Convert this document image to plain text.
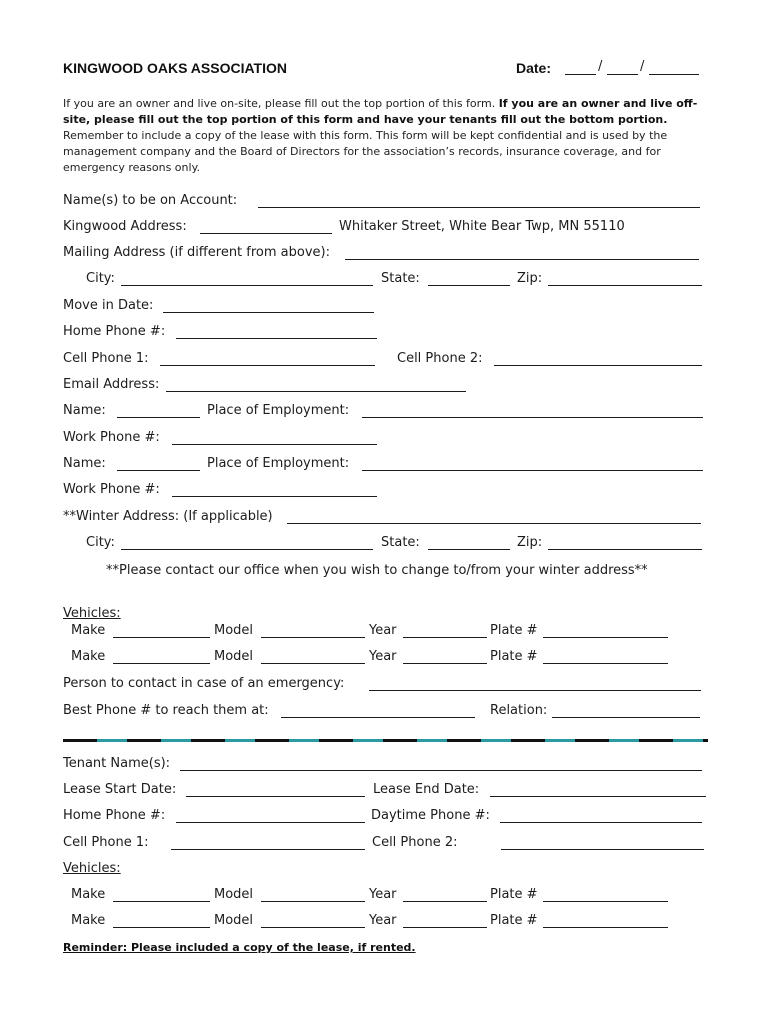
KINGWOOD OAKS ASSOCIATION	Date:	/	/
If you are an owner and live on-site, please fill out the top portion of this form. If you are an owner and live off-site, please fill out the top portion of this form and have your tenants fill out the bottom portion. Remember to include a copy of the lease with this form. This form will be kept confidential and is used by the management company and the Board of Directors for the association’s records, insurance coverage, and for emergency reasons only.
Name(s) to be on Account:
Kingwood Address:	Whitaker Street, White Bear Twp, MN 55110
Mailing Address (if different from above):
City:	State:	Zip:
Move in Date:
Home Phone #:
Cell Phone 1:	Cell Phone 2:
Email Address:
Name:	Place of Employment:
Work Phone #:
Name:	Place of Employment:
Work Phone #:
**Winter Address: (If applicable)
City:	State:	Zip:
**Please contact our office when you wish to change to/from your winter address**
Vehicles:
Make	Model	Year	Plate #
Make	Model	Year	Plate #
Person to contact in case of an emergency:
Best Phone # to reach them at:	Relation:
Tenant Name(s):
Lease Start Date:	Lease End Date:
Home Phone #:	Daytime Phone #:
Cell Phone 1:	Cell Phone 2:
Vehicles:
Make	Model	Year	Plate #
Make	Model	Year	Plate #
Reminder: Please included a copy of the lease, if rented.
